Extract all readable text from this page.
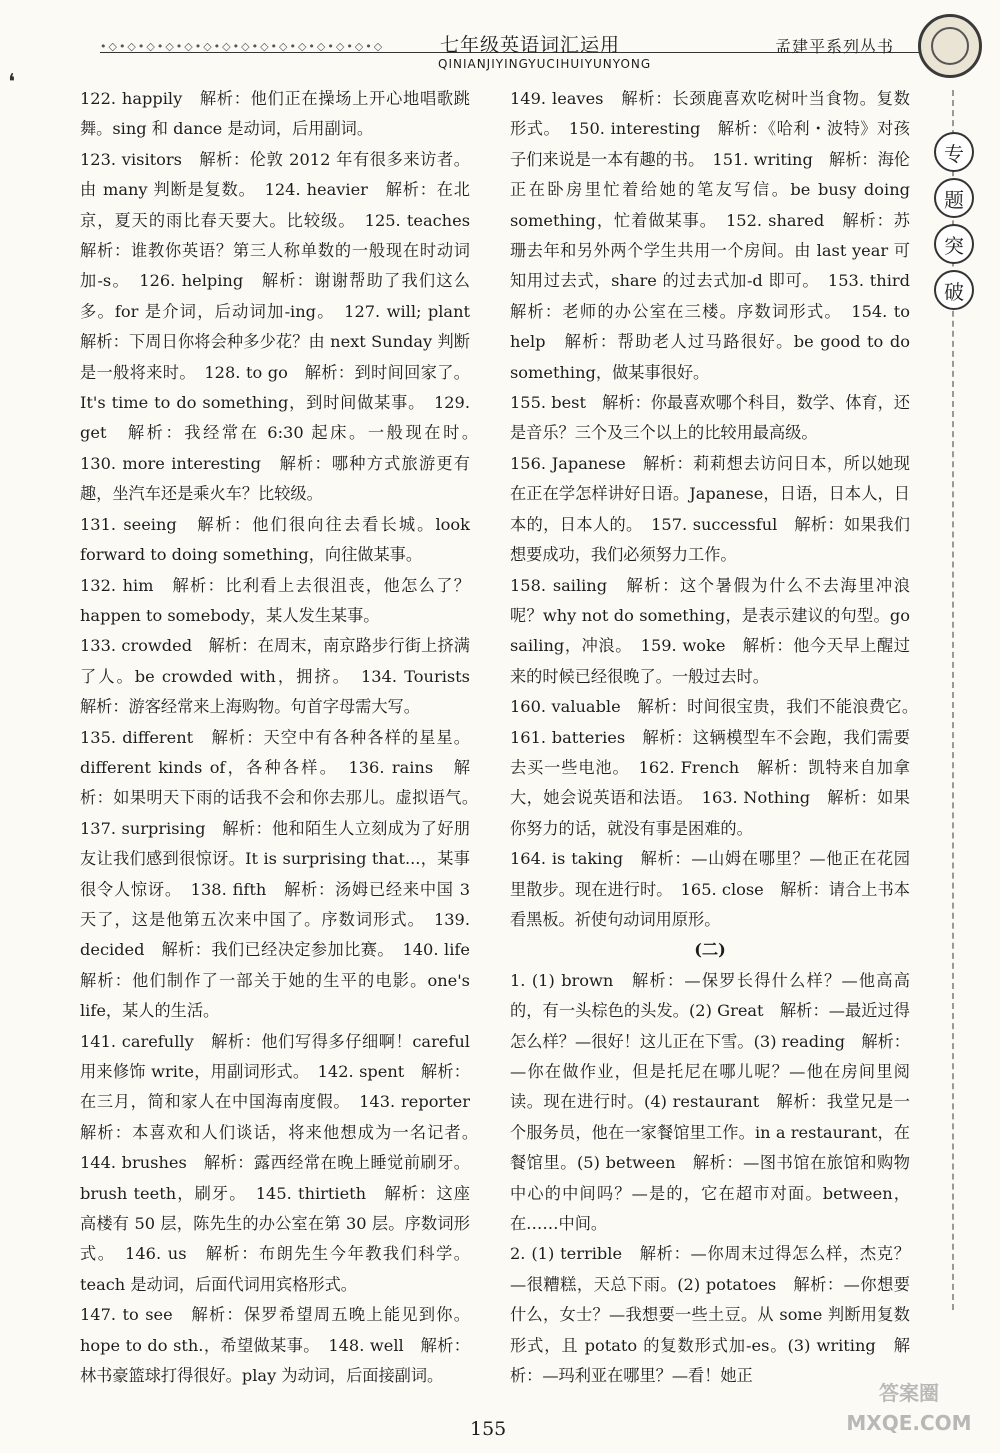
•◇•◇•◇•◇•◇•◇•◇•◇•◇•◇•◇•◇•◇•◇•◇	七年级英语词汇运用	孟建平系列丛书
QINIANJIYINGYUCIHUIYUNYONG
❛
专
题
突
破

122. happily　解析：他们正在操场上开心地唱歌跳舞。sing 和 dance 是动词，后用副词。

123. visitors　解析：伦敦 2012 年有很多来访者。由 many 判断是复数。　124. heavier　解析：在北京，夏天的雨比春天要大。比较级。　125. teaches　解析：谁教你英语？第三人称单数的一般现在时动词加-s。　126. helping　解析：谢谢帮助了我们这么多。for 是介词，后动词加-ing。　127. will; plant　解析：下周日你将会种多少花？由 next Sunday 判断是一般将来时。　128. to go　解析：到时间回家了。It's time to do something，到时间做某事。　129. get　解析：我经常在 6:30 起床。一般现在时。　130. more interesting　解析：哪种方式旅游更有趣，坐汽车还是乘火车？比较级。

131. seeing　解析：他们很向往去看长城。look forward to doing something，向往做某事。

132. him　解析：比利看上去很沮丧，他怎么了？happen to somebody，某人发生某事。

133. crowded　解析：在周末，南京路步行街上挤满了人。be crowded with，拥挤。　134. Tourists　解析：游客经常来上海购物。句首字母需大写。

135. different　解析：天空中有各种各样的星星。different kinds of，各种各样。　136. rains　解析：如果明天下雨的话我不会和你去那儿。虚拟语气。　137. surprising　解析：他和陌生人立刻成为了好朋友让我们感到很惊讶。It is surprising that...，某事很令人惊讶。　138. fifth　解析：汤姆已经来中国 3 天了，这是他第五次来中国了。序数词形式。　139. decided　解析：我们已经决定参加比赛。　140. life　解析：他们制作了一部关于她的生平的电影。one's life，某人的生活。

141. carefully　解析：他们写得多仔细啊！careful 用来修饰 write，用副词形式。　142. spent　解析：在三月，简和家人在中国海南度假。　143. reporter　解析：本喜欢和人们谈话，将来他想成为一名记者。　144. brushes　解析：露西经常在晚上睡觉前刷牙。brush teeth，刷牙。　145. thirtieth　解析：这座高楼有 50 层，陈先生的办公室在第 30 层。序数词形式。　146. us　解析：布朗先生今年教我们科学。teach 是动词，后面代词用宾格形式。

147. to see　解析：保罗希望周五晚上能见到你。hope to do sth.，希望做某事。　148. well　解析：林书豪篮球打得很好。play 为动词，后面接副词。

149. leaves　解析：长颈鹿喜欢吃树叶当食物。复数形式。　150. interesting　解析：《哈利・波特》对孩子们来说是一本有趣的书。　151. writing　解析：海伦正在卧房里忙着给她的笔友写信。be busy doing something，忙着做某事。　152. shared　解析：苏珊去年和另外两个学生共用一个房间。由 last year 可知用过去式，share 的过去式加-d 即可。　153. third　解析：老师的办公室在三楼。序数词形式。　154. to help　解析：帮助老人过马路很好。be good to do something，做某事很好。

155. best　解析：你最喜欢哪个科目，数学、体育，还是音乐？三个及三个以上的比较用最高级。

156. Japanese　解析：莉莉想去访问日本，所以她现在正在学怎样讲好日语。Japanese，日语，日本人，日本的，日本人的。　157. successful　解析：如果我们想要成功，我们必须努力工作。

158. sailing　解析：这个暑假为什么不去海里冲浪呢？why not do something，是表示建议的句型。go sailing，冲浪。　159. woke　解析：他今天早上醒过来的时候已经很晚了。一般过去时。

160. valuable　解析：时间很宝贵，我们不能浪费它。　161. batteries　解析：这辆模型车不会跑，我们需要去买一些电池。　162. French　解析：凯特来自加拿大，她会说英语和法语。　163. Nothing　解析：如果你努力的话，就没有事是困难的。

164. is taking　解析：—山姆在哪里？—他正在花园里散步。现在进行时。　165. close　解析：请合上书本看黑板。祈使句动词用原形。

(二)

1. (1) brown　解析：—保罗长得什么样？—他高高的，有一头棕色的头发。(2) Great　解析：—最近过得怎么样？—很好！这儿正在下雪。(3) reading　解析：—你在做作业，但是托尼在哪儿呢？—他在房间里阅读。现在进行时。(4) restaurant　解析：我堂兄是一个服务员，他在一家餐馆里工作。in a restaurant，在餐馆里。(5) between　解析：—图书馆在旅馆和购物中心的中间吗？—是的，它在超市对面。between，在……中间。

2. (1) terrible　解析：—你周末过得怎么样，杰克？—很糟糕，天总下雨。(2) potatoes　解析：—你想要什么，女士？—我想要一些土豆。从 some 判断用复数形式，且 potato 的复数形式加-es。(3) writing　解析：—玛利亚在哪里？—看！她正

155
答案圈 MXQE.COM
